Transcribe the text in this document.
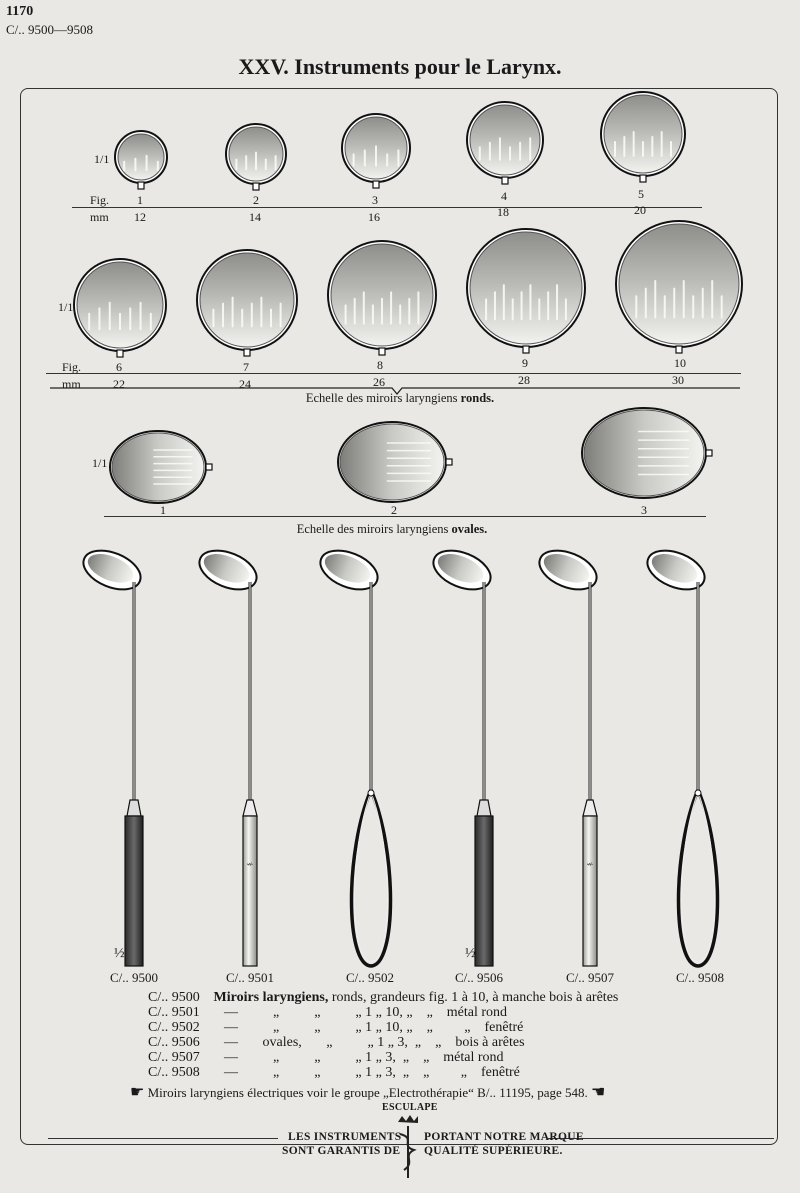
1170
C/.. 9500—9508
XXV. Instruments pour le Larynx.
⚕	⚕
1/1
1/1
1/1
Fig.
mm
1
12
2
14
3
16
4
18
5
20
Fig.
mm
6
22
7
24
8
26
9
28
10
30
Echelle des miroirs laryngiens ronds.
1	2	3
Echelle des miroirs laryngiens ovales.
½	½
C/.. 9500	C/.. 9501	C/.. 9502	C/.. 9506	C/.. 9507	C/.. 9508
C/.. 9500 Miroirs laryngiens, ronds, grandeurs fig. 1 à 10, à manche bois à arêtes
C/.. 9501 —          „          „          „ 1 „ 10, „    „    métal rond
C/.. 9502 —          „          „          „ 1 „ 10, „    „         „    fenêtré
C/.. 9506 —       ovales,       „          „ 1 „ 3,  „    „    bois à arêtes
C/.. 9507 —          „          „          „ 1 „ 3,  „    „    métal rond
C/.. 9508 —          „          „          „ 1 „ 3,  „    „         „    fenêtré
☛ Miroirs laryngiens électriques voir le groupe „Electrothérapie“ B/.. 11195, page 548. ☚
ESCULAPE
LES INSTRUMENTS
SONT GARANTIS DE
PORTANT NOTRE MARQUE
QUALITÉ SUPÉRIEURE.
